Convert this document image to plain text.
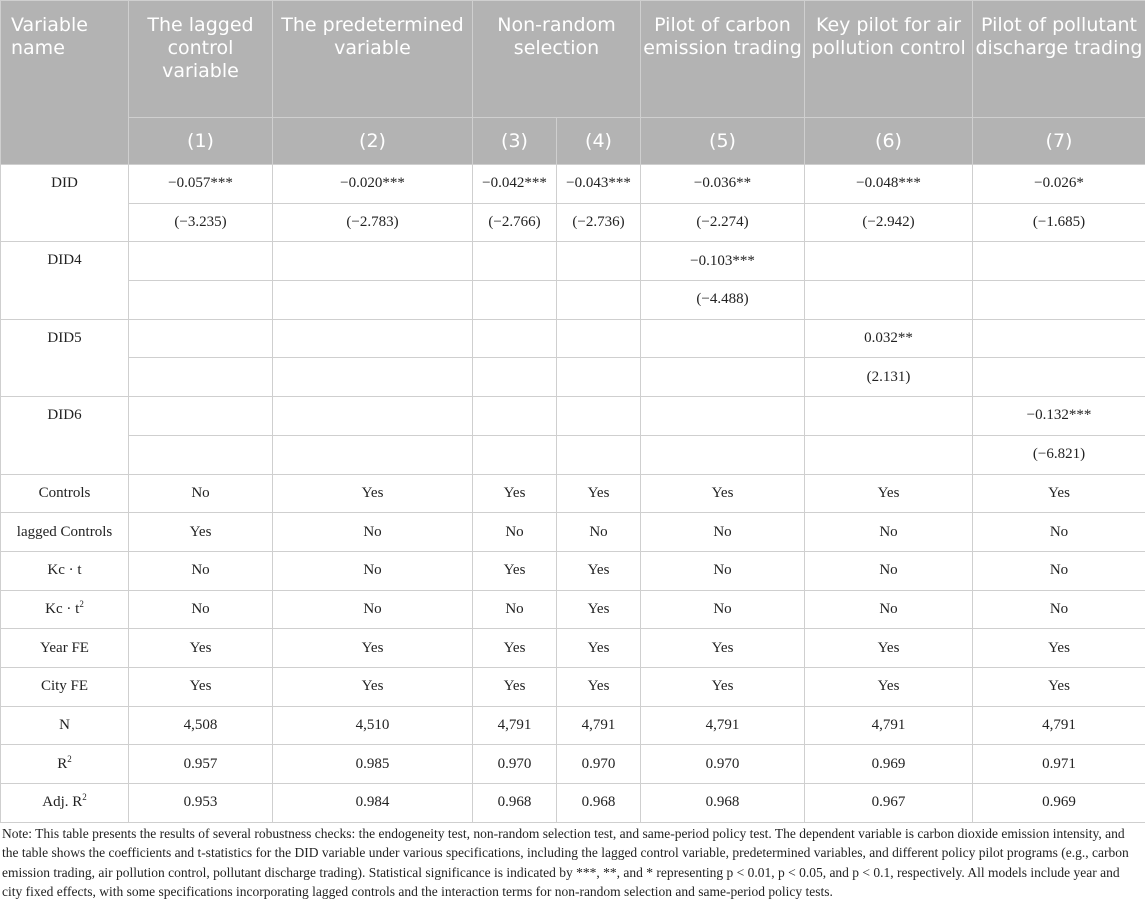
Variable name	The lagged control variable	The predetermined variable	Non-random selection		Pilot of carbon emission trading	Key pilot for air pollution control	Pilot of pollutant discharge trading
	(1)	(2)	(3)	(4)	(5)	(6)	(7)
DID	−0.057***	−0.020***	−0.042***	−0.043***	−0.036**	−0.048***	−0.026*
	(−3.235)	(−2.783)	(−2.766)	(−2.736)	(−2.274)	(−2.942)	(−1.685)
DID4					−0.103***		
					(−4.488)		
DID5						0.032**	
						(2.131)	
DID6							−0.132***
							(−6.821)
Controls	No	Yes	Yes	Yes	Yes	Yes	Yes
lagged Controls	Yes	No	No	No	No	No	No
Kc · t	No	No	Yes	Yes	No	No	No
$Kc \cdot t^2$	No	No	No	Yes	No	No	No
Year FE	Yes	Yes	Yes	Yes	Yes	Yes	Yes
City FE	Yes	Yes	Yes	Yes	Yes	Yes	Yes
N	4,508	4,510	4,791	4,791	4,791	4,791	4,791
$R^2$	0.957	0.985	0.970	0.970	0.970	0.969	0.971
Adj. $R^2$	0.953	0.984	0.968	0.968	0.968	0.967	0.969
Note: This table presents the results of several robustness checks: the endogeneity test, non-random selection test, and same-period policy test. The dependent variable is carbon dioxide emission intensity, and the table shows the coefficients and t-statistics for the DID variable under various specifications, including the lagged control variable, predetermined variables, and different policy pilot programs (e.g., carbon emission trading, air pollution control, pollutant discharge trading). Statistical significance is indicated by ***, **, and * representing p < 0.01, p < 0.05, and p < 0.1, respectively. All models include year and city fixed effects, with some specifications incorporating lagged controls and the interaction terms for non-random selection and same-period policy tests.
